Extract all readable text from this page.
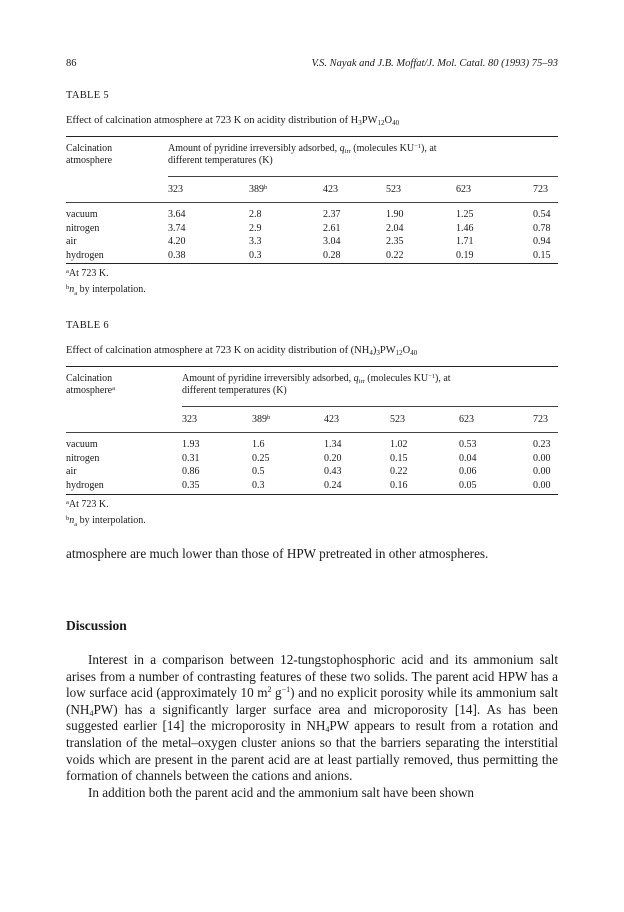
86	V.S. Nayak and J.B. Moffat/J. Mol. Catal. 80 (1993) 75–93
TABLE 5
Effect of calcination atmosphere at 723 K on acidity distribution of $H_3PW_{12}O_{40}$
Calcination
atmosphere
Amount of pyridine irreversibly adsorbed, $q_{irr}$ (molecules $KU^{-1}$), at
different temperatures (K)
323	389$^b$	423	523	623	723
vacuum	3.64	2.8	2.37	1.90	1.25	0.54
nitrogen	3.74	2.9	2.61	2.04	1.46	0.78
air	4.20	3.3	3.04	2.35	1.71	0.94
hydrogen	0.38	0.3	0.28	0.22	0.19	0.15
$^a$At 723 K.
$^bn_a$ by interpolation.
TABLE 6
Effect of calcination atmosphere at 723 K on acidity distribution of $(NH_4)_3PW_{12}O_{40}$
Calcination
atmosphere$^a$
Amount of pyridine irreversibly adsorbed, $q_{irr}$ (molecules $KU^{-1}$), at
different temperatures (K)
323	389$^b$	423	523	623	723
vacuum	1.93	1.6	1.34	1.02	0.53	0.23
nitrogen	0.31	0.25	0.20	0.15	0.04	0.00
air	0.86	0.5	0.43	0.22	0.06	0.00
hydrogen	0.35	0.3	0.24	0.16	0.05	0.00
$^a$At 723 K.
$^bn_a$ by interpolation.
atmosphere are much lower than those of HPW pretreated in other atmospheres.
Discussion

Interest in a comparison between 12-tungstophosphoric acid and its ammonium salt arises from a number of contrasting features of these two solids. The parent acid HPW has a low surface acid (approximately 10 $m^2$ $g^{-1}$) and no explicit porosity while its ammonium salt $(NH_4PW)$ has a significantly larger surface area and microporosity [14]. As has been suggested earlier [14] the microporosity in $NH_4PW$ appears to result from a rotation and translation of the metal–oxygen cluster anions so that the barriers separating the interstitial voids which are present in the parent acid are at least partially removed, thus permitting the formation of channels between the cations and anions.

In addition both the parent acid and the ammonium salt have been shown
